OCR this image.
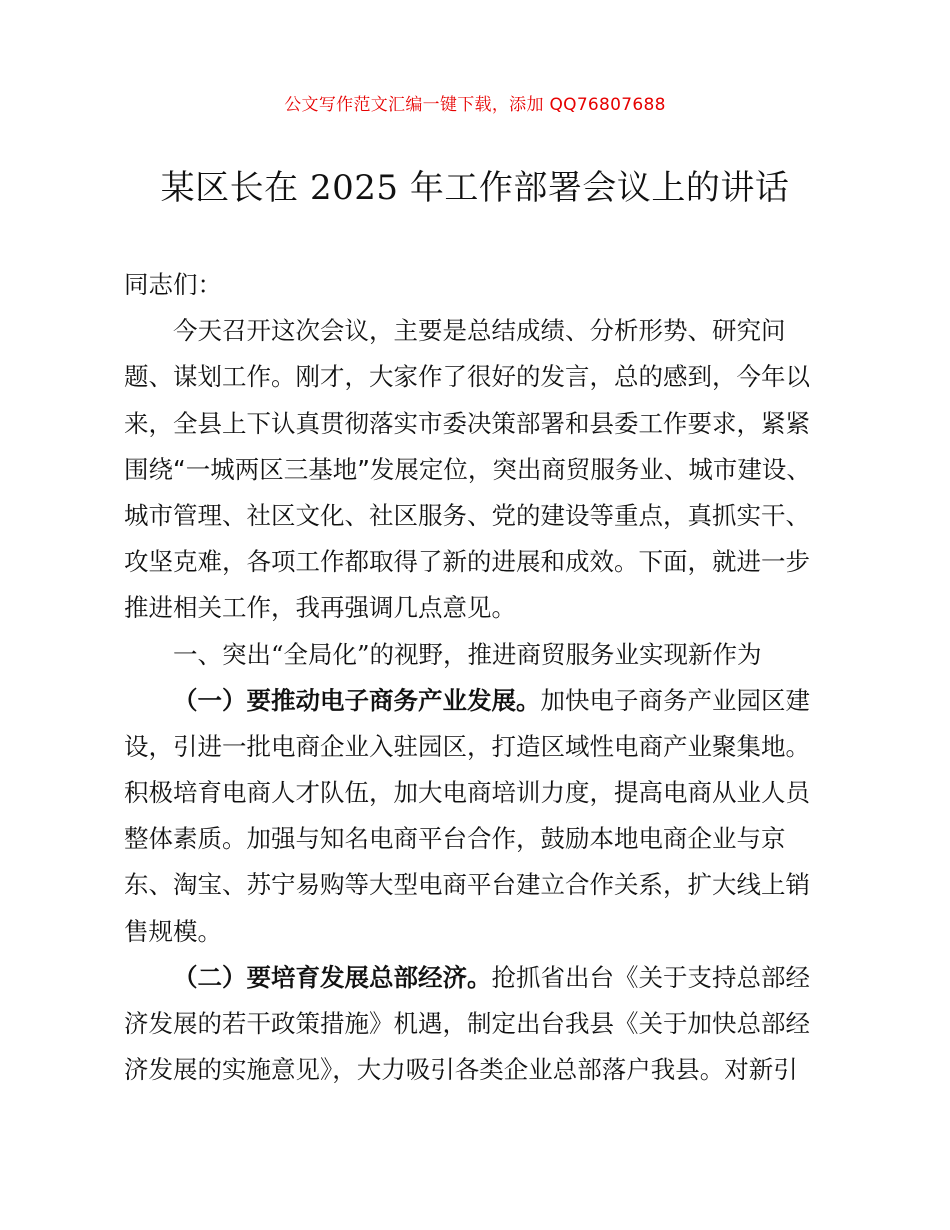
公文写作范文汇编一键下载，添加 QQ76807688
某区长在 2025 年工作部署会议上的讲话
同志们：
今天召开这次会议，主要是总结成绩、分析形势、研究问
题、谋划工作。刚才，大家作了很好的发言，总的感到，今年以
来，全县上下认真贯彻落实市委决策部署和县委工作要求，紧紧
围绕“一城两区三基地”发展定位，突出商贸服务业、城市建设、
城市管理、社区文化、社区服务、党的建设等重点，真抓实干、
攻坚克难，各项工作都取得了新的进展和成效。下面，就进一步
推进相关工作，我再强调几点意见。
一、突出“全局化”的视野，推进商贸服务业实现新作为
（一）要推动电子商务产业发展。加快电子商务产业园区建
设，引进一批电商企业入驻园区，打造区域性电商产业聚集地。
积极培育电商人才队伍，加大电商培训力度，提高电商从业人员
整体素质。加强与知名电商平台合作，鼓励本地电商企业与京
东、淘宝、苏宁易购等大型电商平台建立合作关系，扩大线上销
售规模。
（二）要培育发展总部经济。抢抓省出台《关于支持总部经
济发展的若干政策措施》机遇，制定出台我县《关于加快总部经
济发展的实施意见》，大力吸引各类企业总部落户我县。对新引
